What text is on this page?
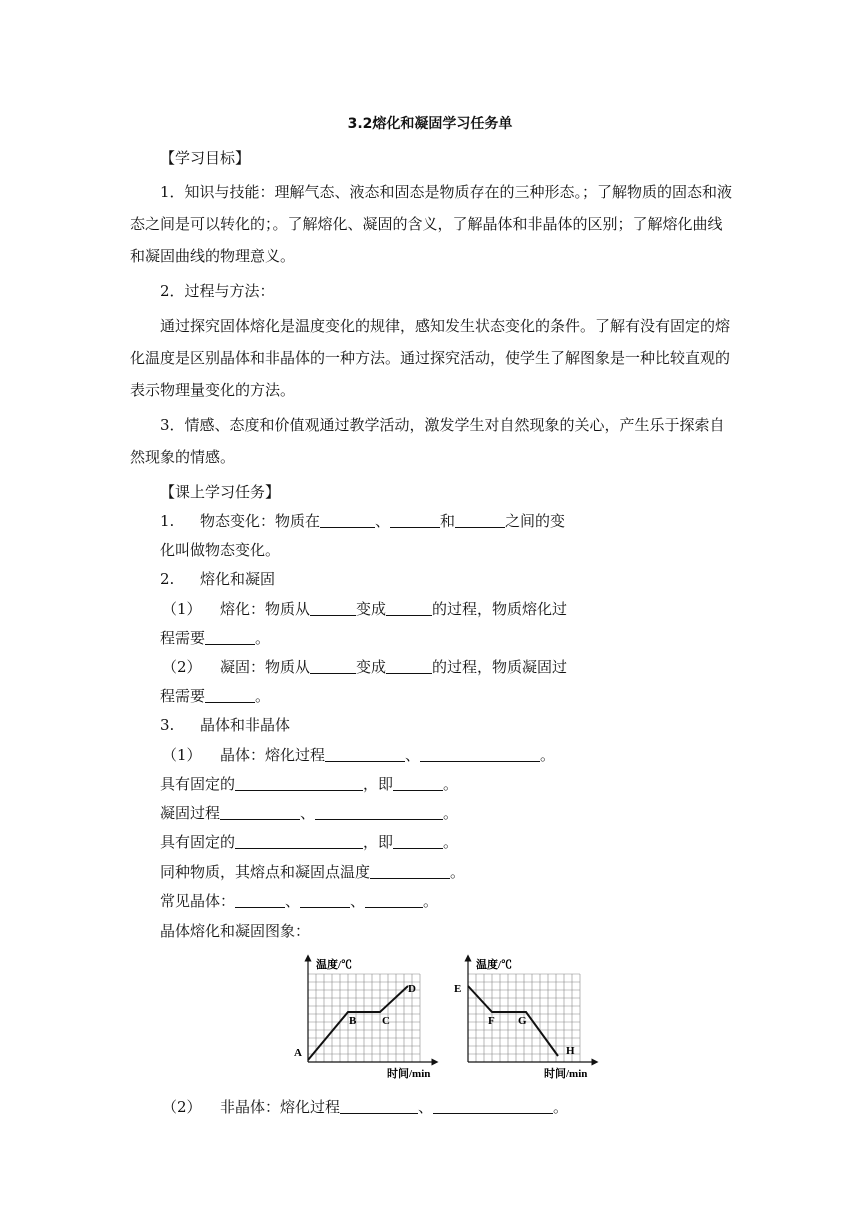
3.2熔化和凝固学习任务单
【学习目标】
1．知识与技能：理解气态、液态和固态是物质存在的三种形态。；了解物质的固态和液
态之间是可以转化的；。了解熔化、凝固的含义，了解晶体和非晶体的区别；了解熔化曲线
和凝固曲线的物理意义。
2．过程与方法：
通过探究固体熔化是温度变化的规律，感知发生状态变化的条件。了解有没有固定的熔
化温度是区别晶体和非晶体的一种方法。通过探究活动，使学生了解图象是一种比较直观的
表示物理量变化的方法。
3．情感、态度和价值观通过教学活动，激发学生对自然现象的关心，产生乐于探索自
然现象的情感。
【课上学习任务】
1. 物态变化：物质在	、	和	之间的变
化叫做物态变化。
2. 熔化和凝固
（1） 熔化：物质从	变成	的过程，物质熔化过
程需要	。
（2） 凝固：物质从	变成	的过程，物质凝固过
程需要	。
3. 晶体和非晶体
（1） 晶体：熔化过程	、	。
具有固定的	，即	。
凝固过程	、	。
具有固定的	，即	。
同种物质，其熔点和凝固点温度	。
常见晶体：	、	、	。
晶体熔化和凝固图象：
温度/℃
时间/min
A
B C
D
温度/℃
时间/min
E
F G
H
（2） 非晶体：熔化过程	、	。
